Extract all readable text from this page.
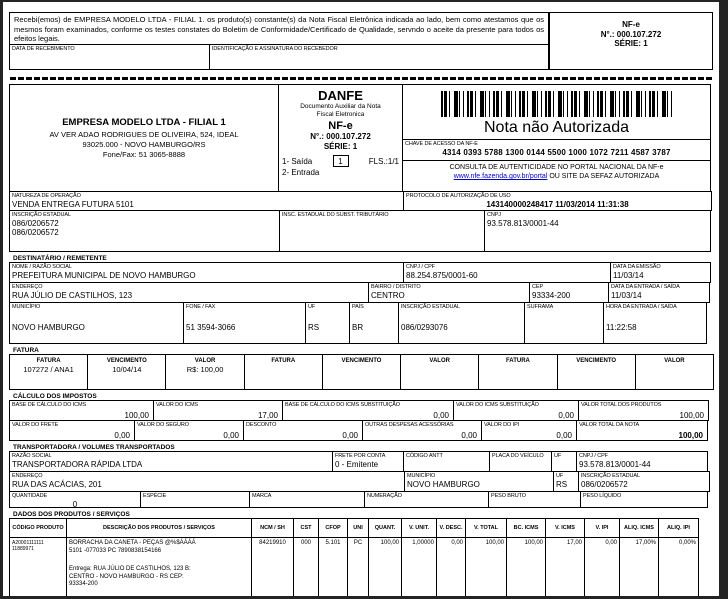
Recebi(emos) de EMPRESA MODELO LTDA - FILIAL 1. os produto(s) constante(s) da Nota Fiscal Eletrônica indicada ao lado, bem como atestamos que os mesmos foram examinados, conforme os testes constates do Boletim de Conformidade/Certificado de Qualidade, servndo o aceite da presente para todos os efeitos legais.
DATA DE RECEBIMENTO	IDENTIFICAÇÃO E ASSINATURA DO RECEBEDOR
NF-e
N°.: 000.107.272
SÉRIE: 1
EMPRESA MODELO LTDA - FILIAL 1
AV VER ADAO RODRIGUES DE OLIVEIRA, 524, IDEAL
93025.000 - NOVO HAMBURGO/RS
Fone/Fax: 51 3065-8888
DANFE
Documento Auxiliar da Nota
Fiscal Eletronica
NF-e
N°.: 000.107.272
SÉRIE: 1
1- Saída	1	FLS.:1/1
2- Entrada
Nota não Autorizada
CHAVE DE ACESSO DA NF-E
4314 0393 5788 1300 0144 5500 1000 1072 7211 4587 3787
CONSULTA DE AUTENTICIDADE NO PORTAL NACIONAL DA NF-e
www.nfe.fazenda.gov.br/portal OU SITE DA SEFAZ AUTORIZADA
NATUREZA DE OPERAÇÃO
VENDA ENTREGA FUTURA 5101
PROTOCOLO DE AUTORIZAÇÃO DE USO
143140000248417 11/03/2014 11:31:38
INSCRIÇÃO ESTADUAL
086/0206572
086/0206572
INSC. ESTADUAL DO SUBST. TRIBUTÁRIO	CNPJ
93.578.813/0001-44
DESTINATÁRIO / REMETENTE
NOME / RAZÃO SOCIAL
PREFEITURA MUNICIPAL DE NOVO HAMBURGO
CNPJ / CPF
88.254.875/0001-60
DATA DA EMISSÃO
11/03/14
ENDEREÇO
RUA JÚLIO DE CASTILHOS, 123
BAIRRO / DISTRITO
CENTRO
CEP
93334-200
DATA DA ENTRADA / SAÍDA
11/03/14
MUNICÍPIO
NOVO HAMBURGO
FONE / FAX
51 3594-3066
UF
RS
PAÍS
BR
INSCRIÇÃO ESTADUAL
086/0293076
SUFRAMA	HORA DA ENTRADA / SAÍDA
11:22:58
FATURA
FATURA
107272 / ANA1
VENCIMENTO
10/04/14
VALOR
R$: 100,00
FATURA	VENCIMENTO	VALOR	FATURA	VENCIMENTO	VALOR
CÁLCULO DOS IMPOSTOS
BASE DE CÁLCULO DO ICMS
100,00
VALOR DO ICMS
17,00
BASE DE CÁLCULO DO ICMS SUBSTITUIÇÃO
0,00
VALOR DO ICMS SUBSTITUIÇÃO
0,00
VALOR TOTAL DOS PRODUTOS
100,00
VALOR DO FRETE
0,00
VALOR DO SEGURO
0,00
DESCONTO
0,00
OUTRAS DESPESAS ACESSÓRIAS
0,00
VALOR DO IPI
0,00
VALOR TOTAL DA NOTA
100,00
TRANSPORTADORA / VOLUMES TRANSPORTADOS
RAZÃO SOCIAL
TRANSPORTADORA RÁPIDA LTDA
FRETE POR CONTA
0 - Emitente
CÓDIGO ANTT	PLACA DO VEÍCULO	UF	CNPJ / CPF
93.578.813/0001-44
ENDEREÇO
RUA DAS ACÁCIAS, 201
MUNICÍPIO
NOVO HAMBURGO
UF
RS
INSCRIÇÃO ESTADUAL
086/0206572
QUANTIDADE
0
ESPÉCIE	MARCA	NUMERAÇÃO	PESO BRUTO	PESO LÍQUIDO
DADOS DOS PRODUTOS / SERVIÇOS
CÓDIGO PRODUTO	DESCRIÇÃO DOS PRODUTOS / SERVIÇOS	NCM / SH	CST	CFOP	UNI	QUANT.	V. UNIT.	V. DESC.	V. TOTAL	BC. ICMS	V. ICMS	V. IPI	ALIQ. ICMS	ALIQ. IPI
A20001111111
11889971
BORRACHA DA CANETA - PEÇAS @%$ÁÁÁÁ
5101 -077033 PC 7890838154166
Entrega: RUA JÚLIO DE CASTILHOS, 123 B:
CENTRO - NOVO HAMBURGO - RS CEP:
93334-200
84219910	000	5.101	PC	100,00	1,00000	0,00	100,00	100,00	17,00	0,00	17,00%	0,00%
